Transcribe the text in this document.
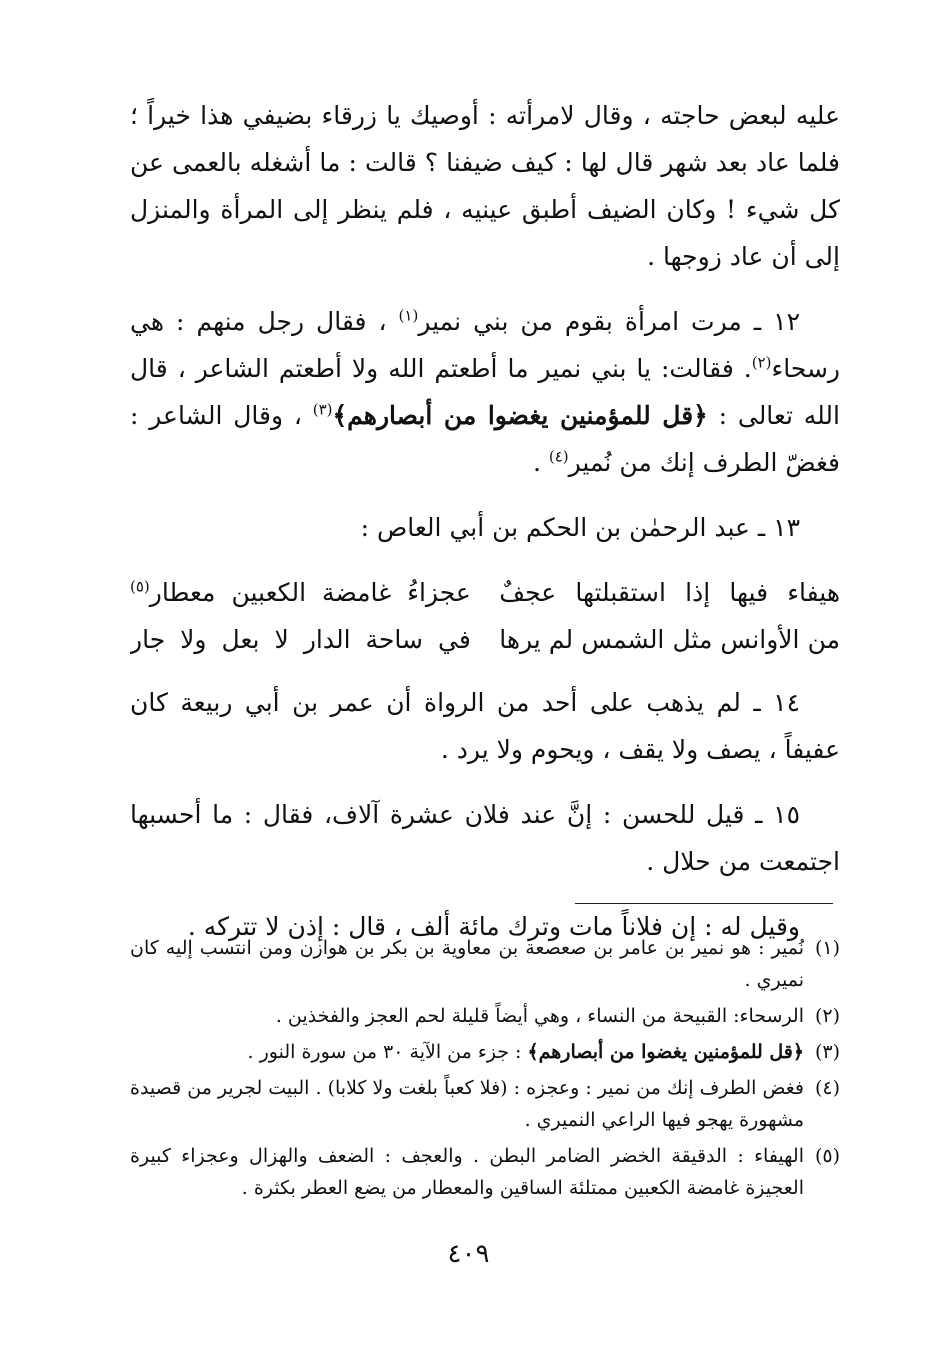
عليه لبعض حاجته ، وقال لامرأته : أوصيك يا زرقاء بضيفي هذا خيراً ؛ فلما عاد بعد شهر قال لها : كيف ضيفنا ؟ قالت : ما أشغله بالعمى عن كل شيء ! وكان الضيف أطبق عينيه ، فلم ينظر إلى المرأة والمنزل إلى أن عاد زوجها .

١٢ ـ مرت امرأة بقوم من بني نمير$^{(١)}$ ، فقال رجل منهم : هي رسحاء$^{(٢)}$. فقالت: يا بني نمير ما أطعتم الله ولا أطعتم الشاعر ، قال الله تعالى : ﴿قل للمؤمنين يغضوا من أبصارهم﴾$^{(٣)}$ ، وقال الشاعر : فغضّ الطرف إنك من نُمير$^{(٤)}$ .

١٣ ـ عبد الرحمٰن بن الحكم بن أبي العاص :

هيفاء فيها إذا استقبلتها عجفٌ
عجزاءُ غامضة الكعبين معطار$^{(٥)}$
من الأوانس مثل الشمس لم يرها
في ساحة الدار لا بعل ولا جار

١٤ ـ لم يذهب على أحد من الرواة أن عمر بن أبي ربيعة كان عفيفاً ، يصف ولا يقف ، ويحوم ولا يرد .

١٥ ـ قيل للحسن : إنَّ عند فلان عشرة آلاف، فقال : ما أحسبها اجتمعت من حلال .

وقيل له : إن فلاناً مات وترك مائة ألف ، قال : إذن لا تتركه .

(١)نُمير : هو نمير بن عامر بن صعصعة بن معاوية بن بكر بن هوازن ومن انتسب إليه كان نميري .
(٢)الرسحاء: القبيحة من النساء ، وهي أيضاً قليلة لحم العجز والفخذين .
(٣)﴿قل للمؤمنين يغضوا من أبصارهم﴾ : جزء من الآية ٣٠ من سورة النور .
(٤)فغض الطرف إنك من نمير : وعجزه : (فلا كعباً بلغت ولا كلابا) . البيت لجرير من قصيدة مشهورة يهجو فيها الراعي النميري .
(٥)الهيفاء : الدقيقة الخضر الضامر البطن . والعجف : الضعف والهزال وعجزاء كبيرة العجيزة غامضة الكعبين ممتلئة الساقين والمعطار من يضع العطر بكثرة .
٤٠٩
